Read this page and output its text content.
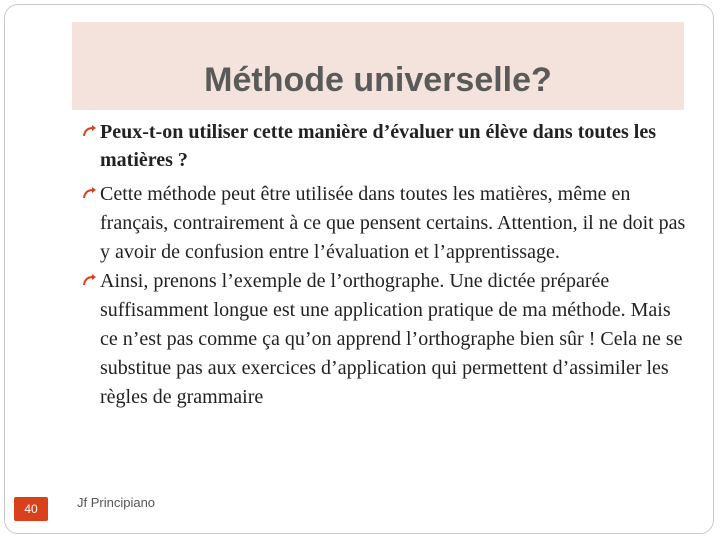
Méthode universelle?

Peux-t-on utiliser cette manière d’évaluer un élève dans toutes les matières ?

Cette méthode peut être utilisée dans toutes les matières, même en français, contrairement à ce que pensent certains. Attention, il ne doit pas y avoir de confusion entre l’évaluation et l’apprentissage.

Ainsi, prenons l’exemple de l’orthographe. Une dictée préparée suffisamment longue est une application pratique de ma méthode. Mais ce n’est pas comme ça qu’on apprend l’orthographe bien sûr ! Cela ne se substitue pas aux exercices d’application qui permettent d’assimiler les règles de grammaire

40	Jf Principiano
